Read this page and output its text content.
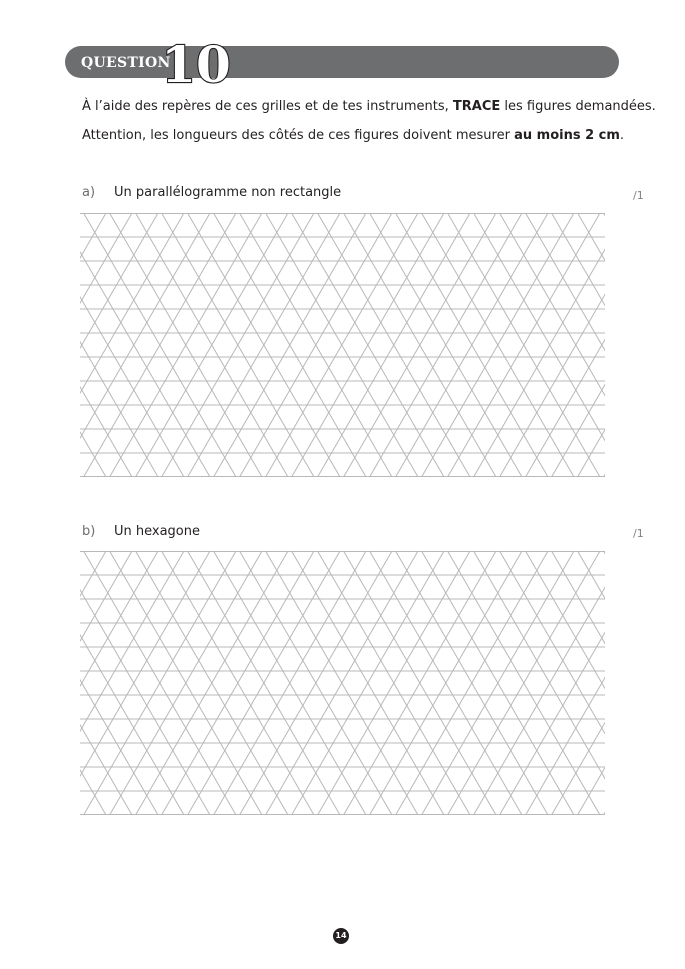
QUESTION
10

À l’aide des repères de ces grilles et de tes instruments, TRACE les figures demandées.

Attention, les longueurs des côtés de ces figures doivent mesurer au moins 2 cm.

a) Un parallélogramme non rectangle	/1
b) Un hexagone	/1
14
